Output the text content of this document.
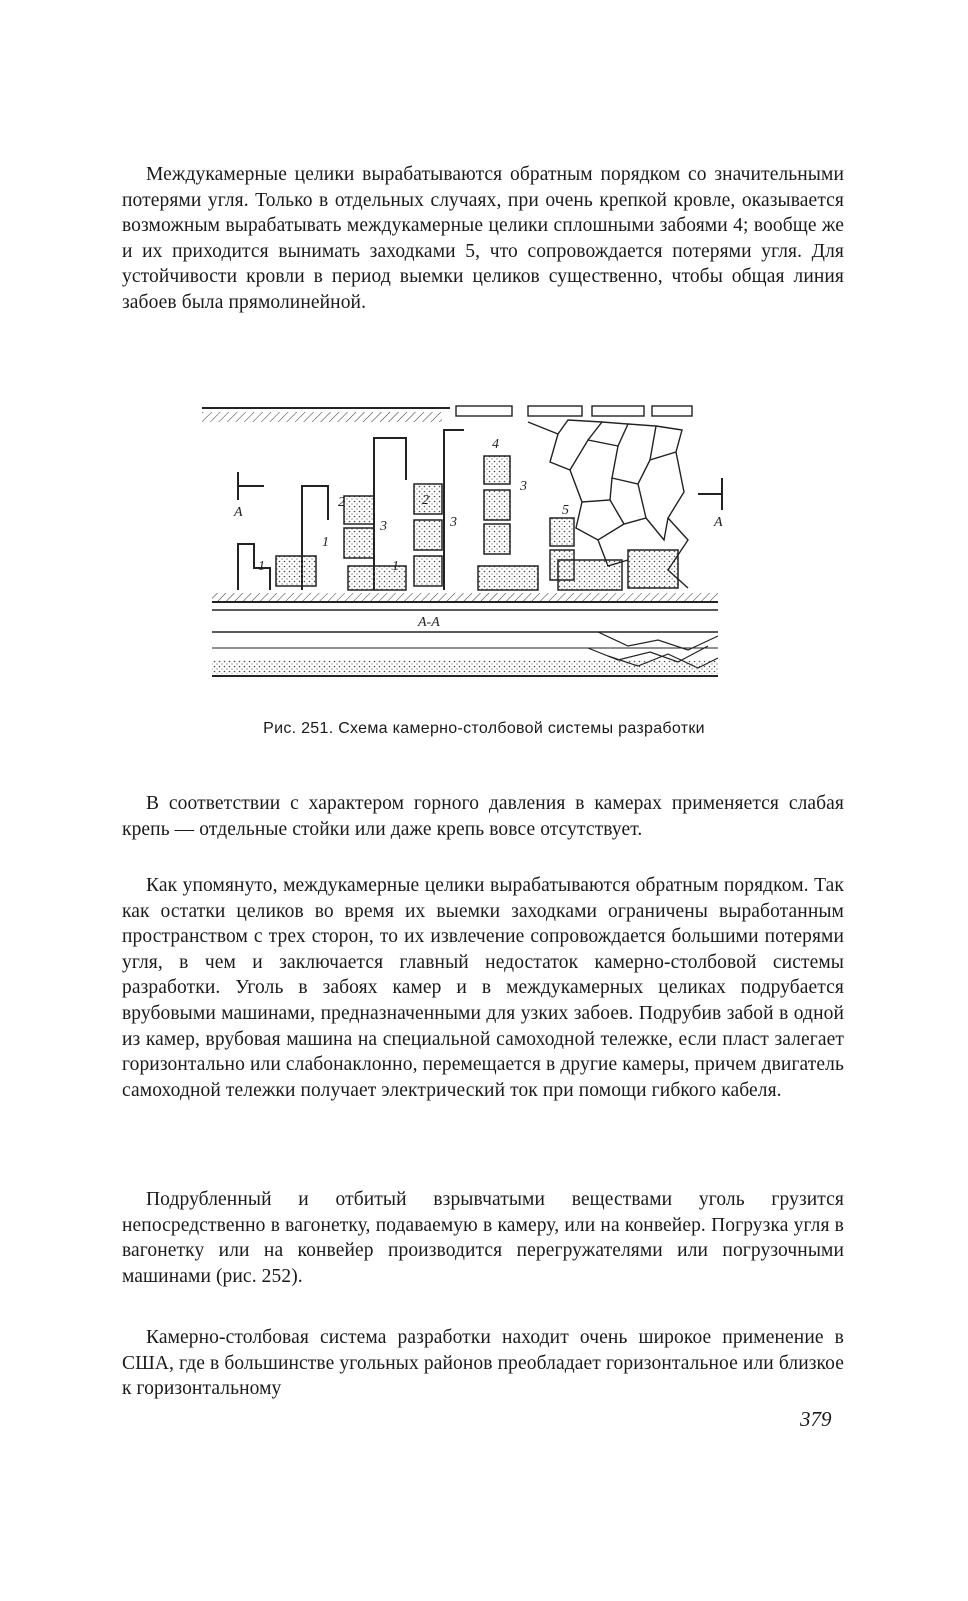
Междукамерные целики вырабатываются обратным порядком со значительными потерями угля. Только в отдельных случаях, при очень крепкой кровле, оказывается возможным вырабатывать междукамерные целики сплошными забоями 4; вообще же и их приходится вынимать заходками 5, что сопровождается потерями угля. Для устойчивости кровли в период выемки целиков существенно, чтобы общая линия забоев была прямолинейной.

A
A
1
1
1
2	2
3	3
3
4
5
А-А
Рис. 251. Схема камерно-столбовой системы разработки

В соответствии с характером горного давления в камерах применяется слабая крепь — отдельные стойки или даже крепь вовсе отсутствует.

Как упомянуто, междукамерные целики вырабатываются обратным порядком. Так как остатки целиков во время их выемки заходками ограничены выработанным пространством с трех сторон, то их извлечение сопровождается большими потерями угля, в чем и заключается главный недостаток камерно-столбовой системы разработки. Уголь в забоях камер и в междукамерных целиках подрубается врубовыми машинами, предназначенными для узких забоев. Подрубив забой в одной из камер, врубовая машина на специальной самоходной тележке, если пласт залегает горизонтально или слабонаклонно, перемещается в другие камеры, причем двигатель самоходной тележки получает электрический ток при помощи гибкого кабеля.

Подрубленный и отбитый взрывчатыми веществами уголь грузится непосредственно в вагонетку, подаваемую в камеру, или на конвейер. Погрузка угля в вагонетку или на конвейер производится перегружателями или погрузочными машинами (рис. 252).

Камерно-столбовая система разработки находит очень широкое применение в США, где в большинстве угольных районов преобладает горизонтальное или близкое к горизонтальному

379
